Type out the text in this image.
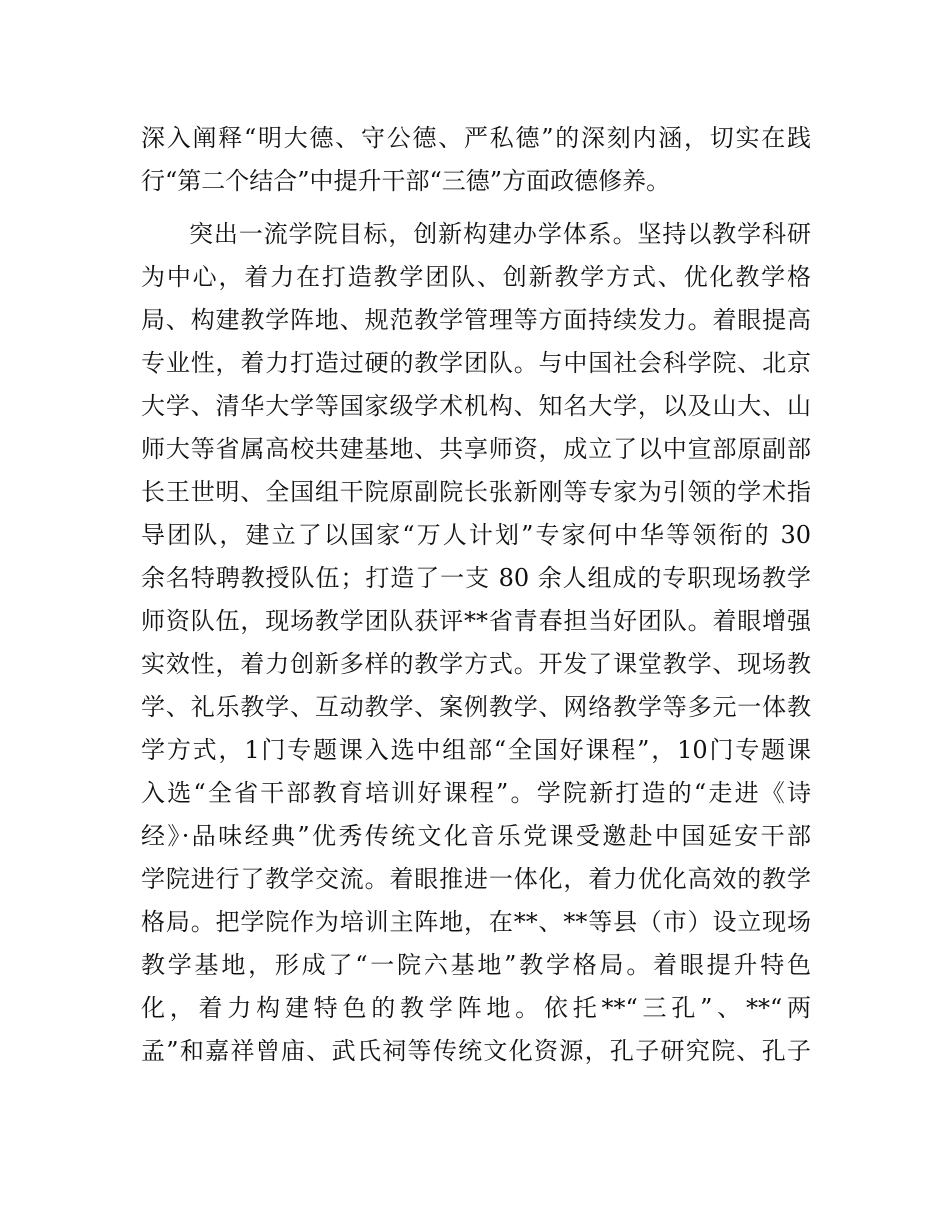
深入阐释“明大德、守公德、严私德”的深刻内涵，切实在践
行“第二个结合”中提升干部“三德”方面政德修养。
突出一流学院目标，创新构建办学体系。坚持以教学科研
为中心，着力在打造教学团队、创新教学方式、优化教学格
局、构建教学阵地、规范教学管理等方面持续发力。着眼提高
专业性，着力打造过硬的教学团队。与中国社会科学院、北京
大学、清华大学等国家级学术机构、知名大学，以及山大、山
师大等省属高校共建基地、共享师资，成立了以中宣部原副部
长王世明、全国组干院原副院长张新刚等专家为引领的学术指
导团队，建立了以国家“万人计划”专家何中华等领衔的 30
余名特聘教授队伍；打造了一支 80 余人组成的专职现场教学
师资队伍，现场教学团队获评**省青春担当好团队。着眼增强
实效性，着力创新多样的教学方式。开发了课堂教学、现场教
学、礼乐教学、互动教学、案例教学、网络教学等多元一体教
学方式，1门专题课入选中组部“全国好课程”，10门专题课
入选“全省干部教育培训好课程”。学院新打造的“走进《诗
经》·品味经典”优秀传统文化音乐党课受邀赴中国延安干部
学院进行了教学交流。着眼推进一体化，着力优化高效的教学
格局。把学院作为培训主阵地，在**、**等县（市）设立现场
教学基地，形成了“一院六基地”教学格局。着眼提升特色
化，着力构建特色的教学阵地。依托**“三孔”、**“两
孟”和嘉祥曾庙、武氏祠等传统文化资源，孔子研究院、孔子
